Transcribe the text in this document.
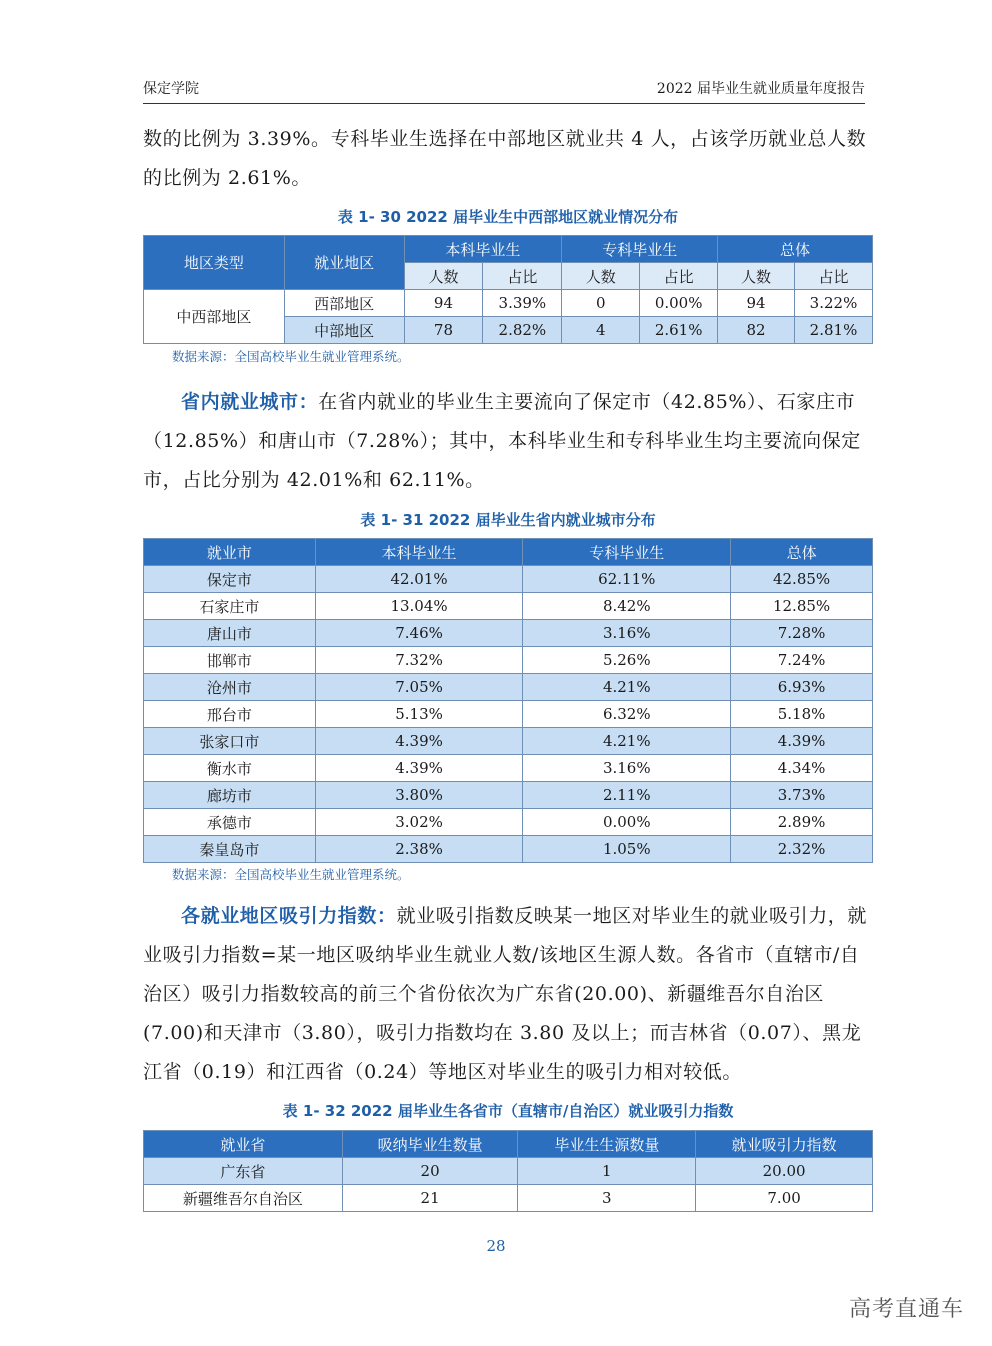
保定学院	2022 届毕业生就业质量年度报告
数的比例为 3.39%。专科毕业生选择在中部地区就业共 4 人，占该学历就业总人数的比例为 2.61%。
表 1- 30 2022 届毕业生中西部地区就业情况分布
地区类型	就业地区	本科毕业生		专科毕业生		总体	
		人数	占比	人数	占比	人数	占比
中西部地区	西部地区	94	3.39%	0	0.00%	94	3.22%
	中部地区	78	2.82%	4	2.61%	82	2.81%
数据来源：全国高校毕业生就业管理系统。
省内就业城市：在省内就业的毕业生主要流向了保定市（42.85%）、石家庄市（12.85%）和唐山市（7.28%）；其中，本科毕业生和专科毕业生均主要流向保定市，占比分别为 42.01%和 62.11%。
表 1- 31 2022 届毕业生省内就业城市分布
就业市	本科毕业生	专科毕业生	总体
保定市	42.01%	62.11%	42.85%
石家庄市	13.04%	8.42%	12.85%
唐山市	7.46%	3.16%	7.28%
邯郸市	7.32%	5.26%	7.24%
沧州市	7.05%	4.21%	6.93%
邢台市	5.13%	6.32%	5.18%
张家口市	4.39%	4.21%	4.39%
衡水市	4.39%	3.16%	4.34%
廊坊市	3.80%	2.11%	3.73%
承德市	3.02%	0.00%	2.89%
秦皇岛市	2.38%	1.05%	2.32%
数据来源：全国高校毕业生就业管理系统。
各就业地区吸引力指数：就业吸引指数反映某一地区对毕业生的就业吸引力，就业吸引力指数=某一地区吸纳毕业生就业人数/该地区生源人数。各省市（直辖市/自治区）吸引力指数较高的前三个省份依次为广东省(20.00)、新疆维吾尔自治区(7.00)和天津市（3.80），吸引力指数均在 3.80 及以上；而吉林省（0.07）、黑龙江省（0.19）和江西省（0.24）等地区对毕业生的吸引力相对较低。
表 1- 32 2022 届毕业生各省市（直辖市/自治区）就业吸引力指数
就业省	吸纳毕业生数量	毕业生生源数量	就业吸引力指数
广东省	20	1	20.00
新疆维吾尔自治区	21	3	7.00
28
高考直通车
